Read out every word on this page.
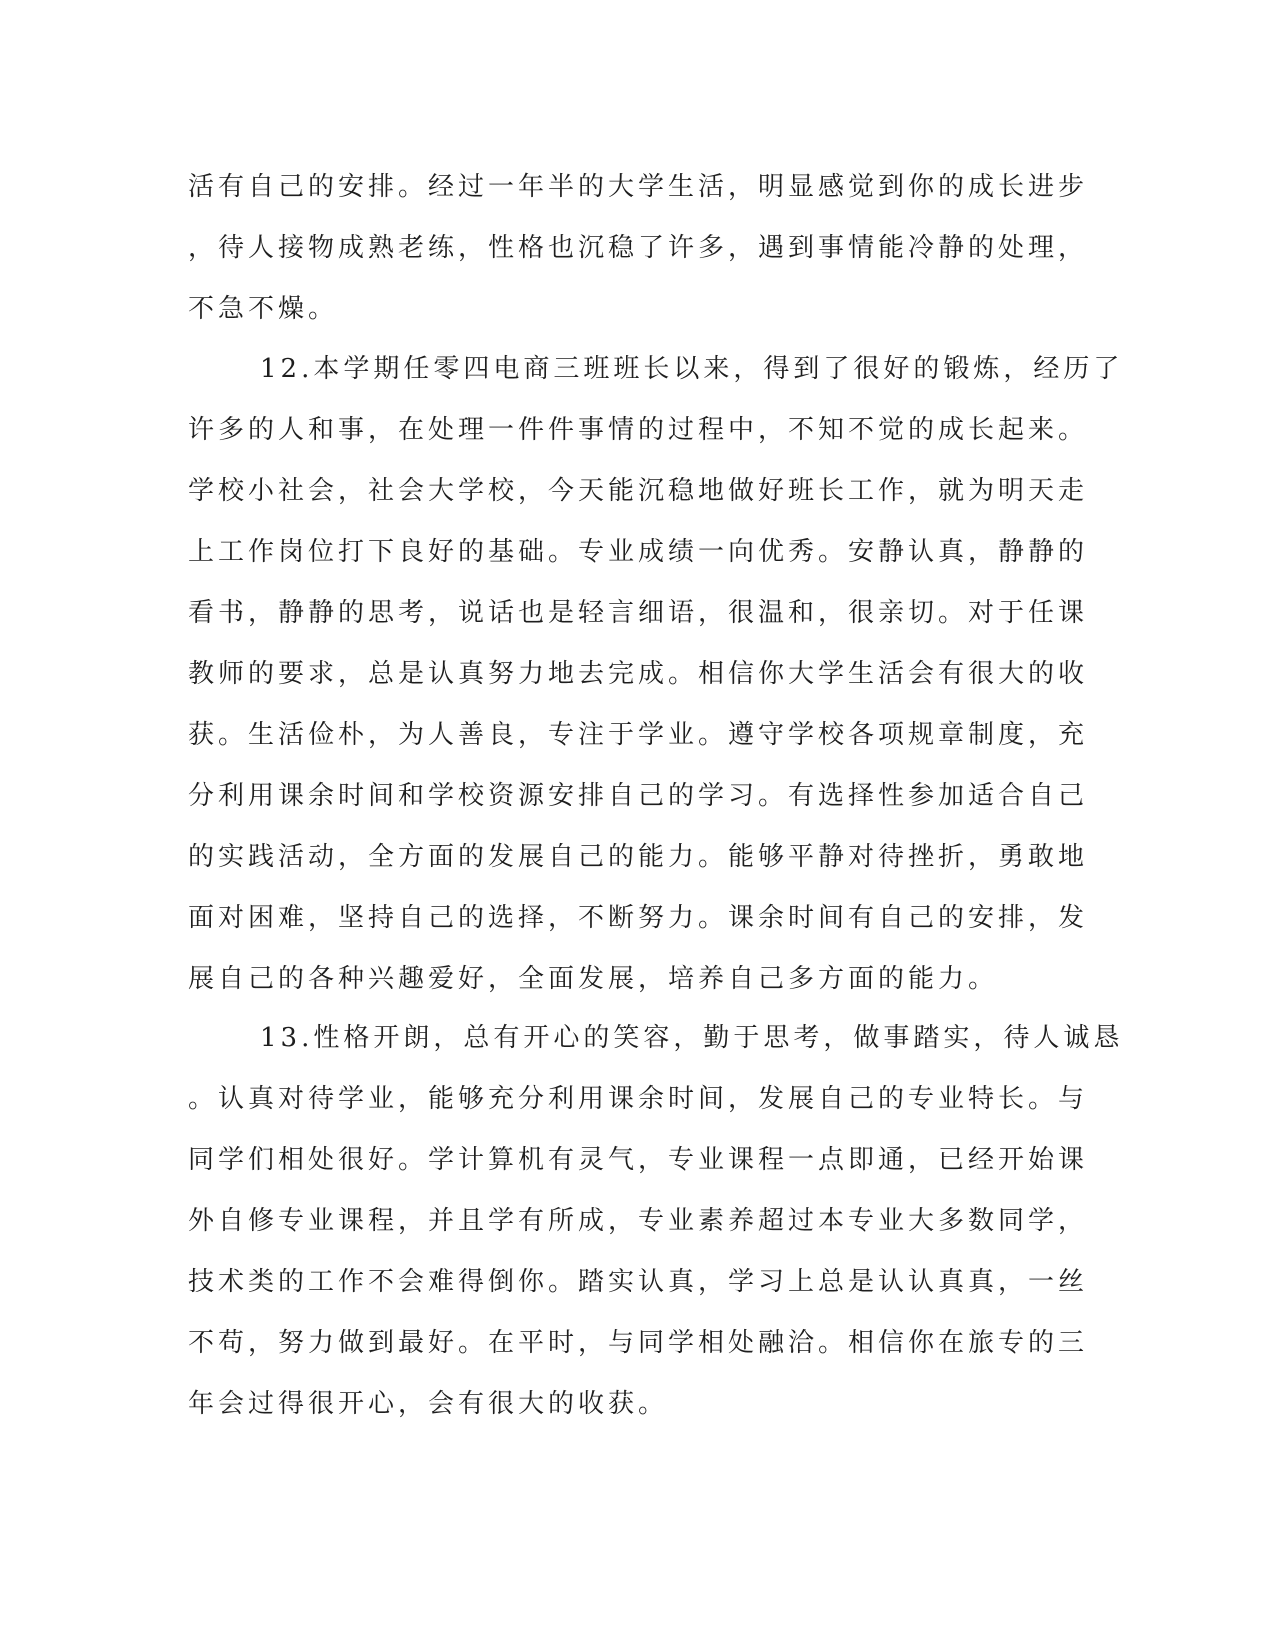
活有自己的安排。经过一年半的大学生活，明显感觉到你的成长进步
，待人接物成熟老练，性格也沉稳了许多，遇到事情能冷静的处理，
不急不燥。
12.本学期任零四电商三班班长以来，得到了很好的锻炼，经历了
许多的人和事，在处理一件件事情的过程中，不知不觉的成长起来。
学校小社会，社会大学校，今天能沉稳地做好班长工作，就为明天走
上工作岗位打下良好的基础。专业成绩一向优秀。安静认真，静静的
看书，静静的思考，说话也是轻言细语，很温和，很亲切。对于任课
教师的要求，总是认真努力地去完成。相信你大学生活会有很大的收
获。生活俭朴，为人善良，专注于学业。遵守学校各项规章制度，充
分利用课余时间和学校资源安排自己的学习。有选择性参加适合自己
的实践活动，全方面的发展自己的能力。能够平静对待挫折，勇敢地
面对困难，坚持自己的选择，不断努力。课余时间有自己的安排，发
展自己的各种兴趣爱好，全面发展，培养自己多方面的能力。
13.性格开朗，总有开心的笑容，勤于思考，做事踏实，待人诚恳
。认真对待学业，能够充分利用课余时间，发展自己的专业特长。与
同学们相处很好。学计算机有灵气，专业课程一点即通，已经开始课
外自修专业课程，并且学有所成，专业素养超过本专业大多数同学，
技术类的工作不会难得倒你。踏实认真，学习上总是认认真真，一丝
不苟，努力做到最好。在平时，与同学相处融洽。相信你在旅专的三
年会过得很开心，会有很大的收获。
